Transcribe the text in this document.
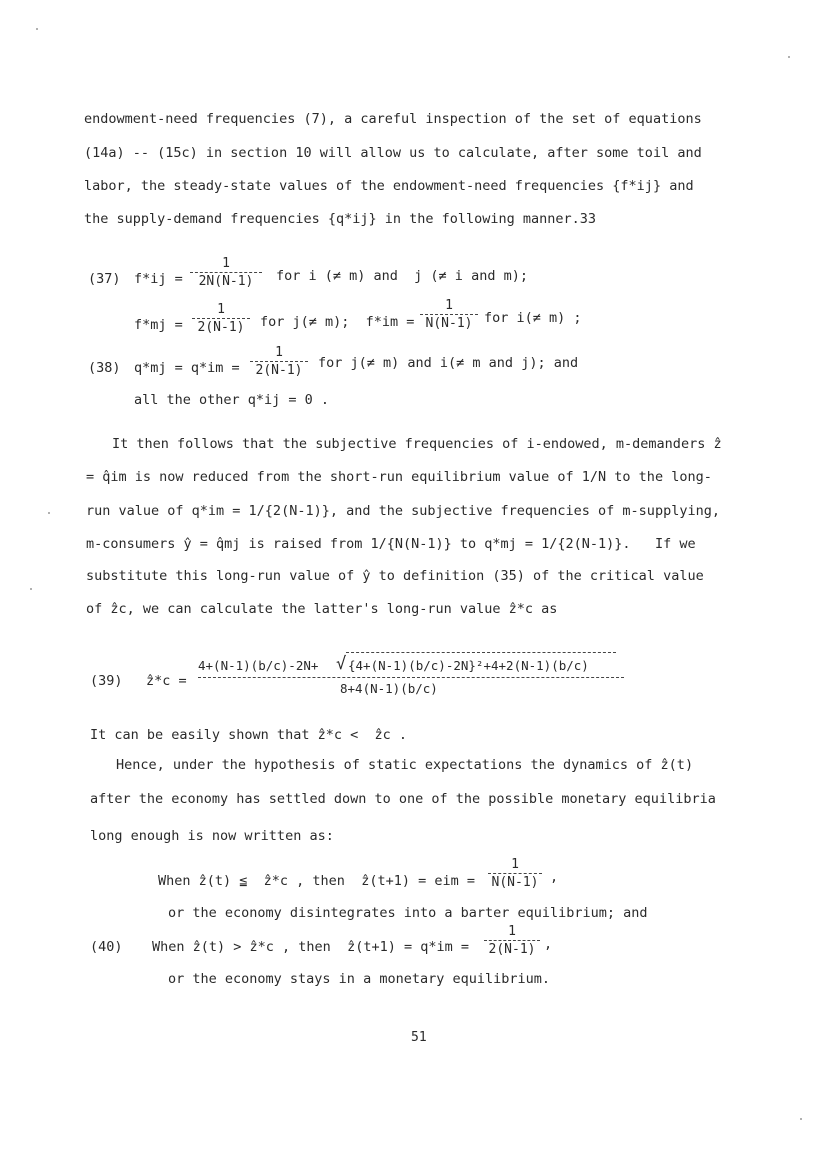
endowment-need frequencies (7), a careful inspection of the set of equations
(14a) -- (15c) in section 10 will allow us to calculate, after some toil and
labor, the steady-state values of the endowment-need frequencies {f*ij} and
the supply-demand frequencies {q*ij} in the following manner.33
(37) f*ij =
1
2N(N-1)	for i (≠ m) and  j (≠ i and m);
f*mj =
1
2(N-1)	for j(≠ m);  f*im =
1
N(N-1) for i(≠ m) ;
(38) q*mj = q*im =
1
2(N-1)	for j(≠ m) and i(≠ m and j); and
all the other q*ij = 0 .
It then follows that the subjective frequencies of i-endowed, m-demanders ẑ
= q̂im is now reduced from the short-run equilibrium value of 1/N to the long-
run value of q*im = 1/{2(N-1)}, and the subjective frequencies of m-supplying,
m-consumers ŷ = q̂mj is raised from 1/{N(N-1)} to q*mj = 1/{2(N-1)}.   If we
substitute this long-run value of ŷ to definition (35) of the critical value
of ẑc, we can calculate the latter's long-run value ẑ*c as
(39) ẑ*c =
4+(N-1)(b/c)-2N+ √ {4+(N-1)(b/c)-2N}²+4+2(N-1)(b/c)
8+4(N-1)(b/c)
It can be easily shown that ẑ*c <  ẑc .
Hence, under the hypothesis of static expectations the dynamics of ẑ(t)
after the economy has settled down to one of the possible monetary equilibria
long enough is now written as:
When ẑ(t) ≦  ẑ*c , then  ẑ(t+1) = eim =
1
N(N-1) ,
or the economy disintegrates into a barter equilibrium; and
(40) When ẑ(t) > ẑ*c , then  ẑ(t+1) = q*im =
1
2(N-1) ,
or the economy stays in a monetary equilibrium.
51
